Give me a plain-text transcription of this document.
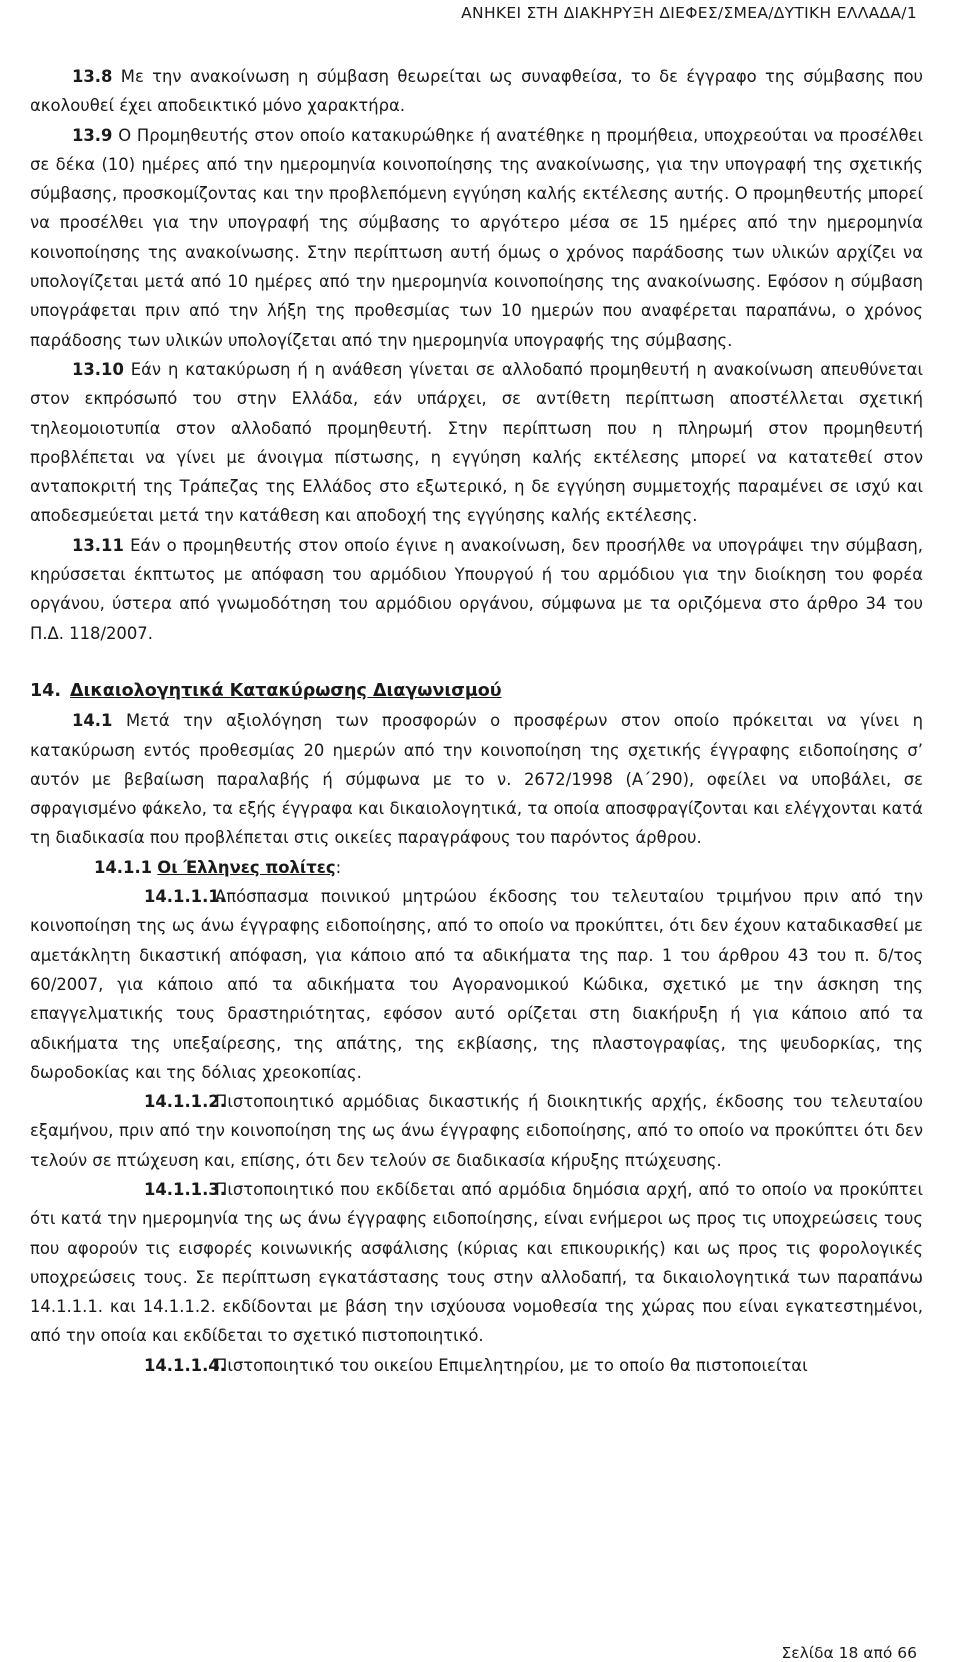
ΑΝΗΚΕΙ ΣΤΗ ΔΙΑΚΗΡΥΞΗ ΔΙΕΦΕΣ/ΣΜΕΑ/ΔΥΤΙΚΗ ΕΛΛΑΔΑ/1

13.8 Με την ανακοίνωση η σύμβαση θεωρείται ως συναφθείσα, το δε έγγραφο της σύμβασης που ακολουθεί έχει αποδεικτικό μόνο χαρακτήρα.

13.9 Ο Προμηθευτής στον οποίο κατακυρώθηκε ή ανατέθηκε η προμήθεια, υποχρεούται να προσέλθει σε δέκα (10) ημέρες από την ημερομηνία κοινοποίησης της ανακοίνωσης, για την υπογραφή της σχετικής σύμβασης, προσκομίζοντας και την προβλεπόμενη εγγύηση καλής εκτέλεσης αυτής. Ο προμηθευτής μπορεί να προσέλθει για την υπογραφή της σύμβασης το αργότερο μέσα σε 15 ημέρες από την ημερομηνία κοινοποίησης της ανακοίνωσης. Στην περίπτωση αυτή όμως ο χρόνος παράδοσης των υλικών αρχίζει να υπολογίζεται μετά από 10 ημέρες από την ημερομηνία κοινοποίησης της ανακοίνωσης. Εφόσον η σύμβαση υπογράφεται πριν από την λήξη της προθεσμίας των 10 ημερών που αναφέρεται παραπάνω, ο χρόνος παράδοσης των υλικών υπολογίζεται από την ημερομηνία υπογραφής της σύμβασης.

13.10 Εάν η κατακύρωση ή η ανάθεση γίνεται σε αλλοδαπό προμηθευτή η ανακοίνωση απευθύνεται στον εκπρόσωπό του στην Ελλάδα, εάν υπάρχει, σε αντίθετη περίπτωση αποστέλλεται σχετική τηλεομοιοτυπία στον αλλοδαπό προμηθευτή. Στην περίπτωση που η πληρωμή στον προμηθευτή προβλέπεται να γίνει με άνοιγμα πίστωσης, η εγγύηση καλής εκτέλεσης μπορεί να κατατεθεί στον ανταποκριτή της Τράπεζας της Ελλάδος στο εξωτερικό, η δε εγγύηση συμμετοχής παραμένει σε ισχύ και αποδεσμεύεται μετά την κατάθεση και αποδοχή της εγγύησης καλής εκτέλεσης.

13.11 Εάν ο προμηθευτής στον οποίο έγινε η ανακοίνωση, δεν προσήλθε να υπογράψει την σύμβαση, κηρύσσεται έκπτωτος με απόφαση του αρμόδιου Υπουργού ή του αρμόδιου για την διοίκηση του φορέα οργάνου, ύστερα από γνωμοδότηση του αρμόδιου οργάνου, σύμφωνα με τα οριζόμενα στο άρθρο 34 του Π.Δ. 118/2007.

14. Δικαιολογητικά Κατακύρωσης Διαγωνισμού

14.1 Μετά την αξιολόγηση των προσφορών ο προσφέρων στον οποίο πρόκειται να γίνει η κατακύρωση εντός προθεσμίας 20 ημερών από την κοινοποίηση της σχετικής έγγραφης ειδοποίησης σ’ αυτόν με βεβαίωση παραλαβής ή σύμφωνα με το ν. 2672/1998 (Α΄290), οφείλει να υποβάλει, σε σφραγισμένο φάκελο, τα εξής έγγραφα και δικαιολογητικά, τα οποία αποσφραγίζονται και ελέγχονται κατά τη διαδικασία που προβλέπεται στις οικείες παραγράφους του παρόντος άρθρου.

14.1.1 Οι Έλληνες πολίτες:

14.1.1.1.Απόσπασμα ποινικού μητρώου έκδοσης του τελευταίου τριμήνου πριν από την κοινοποίηση της ως άνω έγγραφης ειδοποίησης, από το οποίο να προκύπτει, ότι δεν έχουν καταδικασθεί με αμετάκλητη δικαστική απόφαση, για κάποιο από τα αδικήματα της παρ. 1 του άρθρου 43 του π. δ/τος 60/2007, για κάποιο από τα αδικήματα του Αγορανομικού Κώδικα, σχετικό με την άσκηση της επαγγελματικής τους δραστηριότητας, εφόσον αυτό ορίζεται στη διακήρυξη ή για κάποιο από τα αδικήματα της υπεξαίρεσης, της απάτης, της εκβίασης, της πλαστογραφίας, της ψευδορκίας, της δωροδοκίας και της δόλιας χρεοκοπίας.

14.1.1.2.Πιστοποιητικό αρμόδιας δικαστικής ή διοικητικής αρχής, έκδοσης του τελευταίου εξαμήνου, πριν από την κοινοποίηση της ως άνω έγγραφης ειδοποίησης, από το οποίο να προκύπτει ότι δεν τελούν σε πτώχευση και, επίσης, ότι δεν τελούν σε διαδικασία κήρυξης πτώχευσης.

14.1.1.3.Πιστοποιητικό που εκδίδεται από αρμόδια δημόσια αρχή, από το οποίο να προκύπτει ότι κατά την ημερομηνία της ως άνω έγγραφης ειδοποίησης, είναι ενήμεροι ως προς τις υποχρεώσεις τους που αφορούν τις εισφορές κοινωνικής ασφάλισης (κύριας και επικουρικής) και ως προς τις φορολογικές υποχρεώσεις τους. Σε περίπτωση εγκατάστασης τους στην αλλοδαπή, τα δικαιολογητικά των παραπάνω 14.1.1.1. και 14.1.1.2. εκδίδονται με βάση την ισχύουσα νομοθεσία της χώρας που είναι εγκατεστημένοι, από την οποία και εκδίδεται το σχετικό πιστοποιητικό.

14.1.1.4.Πιστοποιητικό του οικείου Επιμελητηρίου, με το οποίο θα πιστοποιείται

Σελίδα 18 από 66
